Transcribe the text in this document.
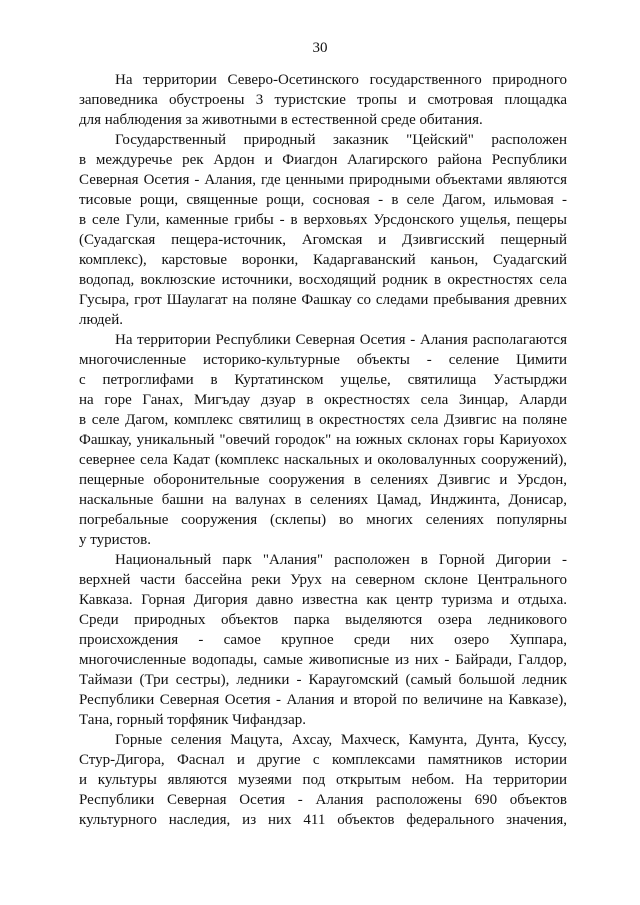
30

На территории Северо-Осетинского государственного природного
заповедника обустроены 3 туристские тропы и смотровая площадка
для наблюдения за животными в естественной среде обитания.

Государственный природный заказник "Цейский" расположен
в междуречье рек Ардон и Фиагдон Алагирского района Республики
Северная Осетия - Алания, где ценными природными объектами являются
тисовые рощи, священные рощи, сосновая - в селе Дагом, ильмовая -
в селе Гули, каменные грибы - в верховьях Урсдонского ущелья, пещеры
(Суадагская пещера-источник, Агомская и Дзивгисский пещерный
комплекс), карстовые воронки, Кадаргаванский каньон, Суадагский
водопад, воклюзские источники, восходящий родник в окрестностях села
Гусыра, грот Шаулагат на поляне Фашкау со следами пребывания древних
людей.

На территории Республики Северная Осетия - Алания располагаются
многочисленные историко-культурные объекты - селение Цимити
с петроглифами в Куртатинском ущелье, святилища Уастырджи
на горе Ганах, Мигъдау дзуар в окрестностях села Зинцар, Аларди
в селе Дагом, комплекс святилищ в окрестностях села Дзивгис на поляне
Фашкау, уникальный "овечий городок" на южных склонах горы Кариуохох
севернее села Кадат (комплекс наскальных и околовалунных сооружений),
пещерные оборонительные сооружения в селениях Дзивгис и Урсдон,
наскальные башни на валунах в селениях Цамад, Инджинта, Донисар,
погребальные сооружения (склепы) во многих селениях популярны
у туристов.

Национальный парк "Алания" расположен в Горной Дигории -
верхней части бассейна реки Урух на северном склоне Центрального
Кавказа. Горная Дигория давно известна как центр туризма и отдыха.
Среди природных объектов парка выделяются озера ледникового
происхождения - самое крупное среди них озеро Хуппара,
многочисленные водопады, самые живописные из них - Байради, Галдор,
Таймази (Три сестры), ледники - Караугомский (самый большой ледник
Республики Северная Осетия - Алания и второй по величине на Кавказе),
Тана, горный торфяник Чифандзар.

Горные селения Мацута, Ахсау, Махческ, Камунта, Дунта, Куссу,
Стур-Дигора, Фаснал и другие с комплексами памятников истории
и культуры являются музеями под открытым небом. На территории
Республики Северная Осетия - Алания расположены 690 объектов
культурного наследия, из них 411 объектов федерального значения,
